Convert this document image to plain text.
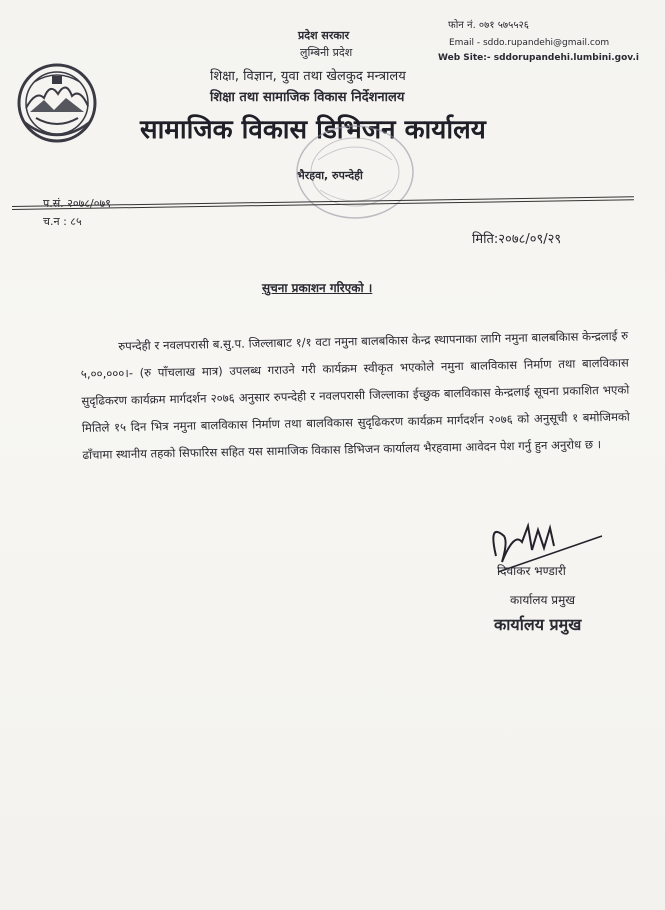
प्रदेश सरकार
लुम्बिनी प्रदेश
शिक्षा, विज्ञान, युवा तथा खेलकुद मन्त्रालय
शिक्षा तथा सामाजिक विकास निर्देशनालय
सामाजिक विकास डिभिजन कार्यालय
भैरहवा, रुपन्देही
फोन नं. ०७१ ५७५५२६
Email - sddo.rupandehi@gmail.com
Web Site:- sddorupandehi.lumbini.gov.i
प.सं. २०७८/०७९
च.न : ८५
मिति:२०७८/०९/२९
सुचना प्रकाशन गरिएको ।
रुपन्देही र नवलपरासी ब.सु.प. जिल्लाबाट १/१ वटा नमुना बालबकिास केन्द्र स्थापनाका लागि नमुना बालबकिास केन्द्रलाई रु ५,००,०००।- (रु पाँचलाख मात्र) उपलब्ध गराउने गरी कार्यक्रम स्वीकृत भएकोले नमुना बालविकास निर्माण तथा बालविकास सुदृढिकरण कार्यक्रम मार्गदर्शन २०७६ अनुसार रुपन्देही र नवलपरासी जिल्लाका ईच्छुक बालविकास केन्द्रलाई सूचना प्रकाशित भएको मितिले १५ दिन भित्र नमुना बालविकास निर्माण तथा बालविकास सुदृढिकरण कार्यक्रम मार्गदर्शन २०७६ को अनुसूची १ बमोजिमको ढाँचामा स्थानीय तहको सिफारिस सहित यस सामाजिक विकास डिभिजन कार्यालय भैरहवामा आवेदन पेश गर्नु हुन अनुरोध छ ।
दिवाकर भण्डारी
कार्यालय प्रमुख
कार्यालय प्रमुख
